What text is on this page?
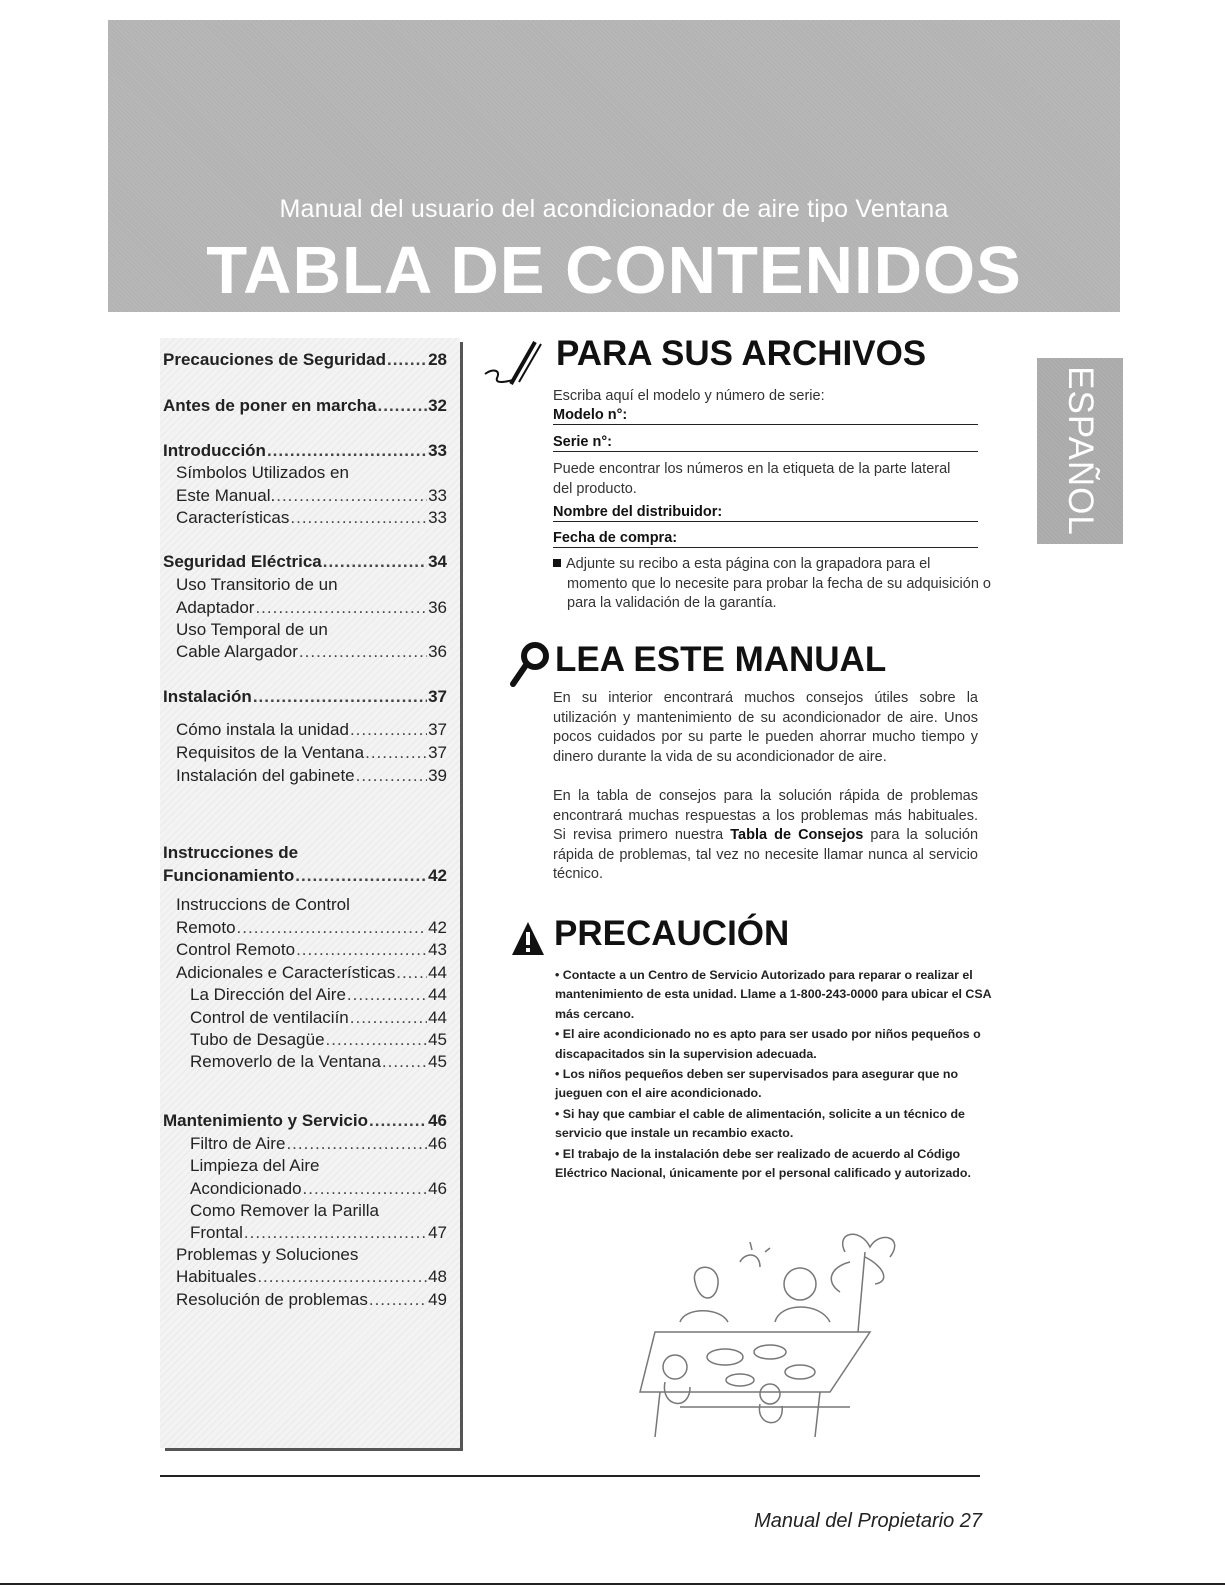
Manual del usuario del acondicionador de aire tipo Ventana
TABLA DE CONTENIDOS
Precauciones de Seguridad ..... 28
Antes de poner en marcha .....	32
Introducción .....	33
Símbolos Utilizados en
Este Manual. .....	33
Características .....	33
Seguridad Eléctrica .....	34
Uso Transitorio de un
Adaptador .....	36
Uso Temporal de un
Cable Alargador .....	36
Instalación .....	37
Cómo instala la unidad .....	37
Requisitos de la Ventana .....	37
Instalación del gabinete .....	39
Instrucciones de
Funcionamiento .....	42
Instruccions de Control
Remoto .....	42
Control Remoto .....	43
Adicionales e Características ..... 44
La Dirección del Aire .....	44
Control de ventilaciín .....	44
Tubo de Desagüe .....	45
Removerlo de la Ventana .....	45
Mantenimiento y Servicio .....	46
Filtro de Aire .....	46
Limpieza del Aire
Acondicionado .....	46
Como Remover la Parilla
Frontal .....	47
Problemas y Soluciones
Habituales .....	48
Resolución de problemas .....	49
PARA SUS ARCHIVOS
Escriba aquí el modelo y número de serie:
Modelo n°:
Serie n°:
Puede encontrar los números en la etiqueta de la parte lateral del producto.
Nombre del distribuidor:
Fecha de compra:
Adjunte su recibo a esta página con la grapadora para el momento que lo necesite para probar la fecha de su adquisición o para la validación de la garantía.
LEA ESTE MANUAL
En su interior encontrará muchos consejos útiles sobre la utilización y mantenimiento de su acondicionador de aire. Unos pocos cuidados por su parte le pueden ahorrar mucho tiempo y dinero durante la vida de su acondicionador de aire.
En la tabla de consejos para la solución rápida de problemas encontrará muchas respuestas a los problemas más habituales. Si revisa primero nuestra Tabla de Consejos para la solución rápida de problemas, tal vez no necesite llamar nunca al servicio técnico.
PRECAUCIÓN
• Contacte a un Centro de Servicio Autorizado para reparar o realizar el mantenimiento de esta unidad. Llame a 1-800-243-0000 para ubicar el CSA más cercano.
• El aire acondicionado no es apto para ser usado por niños pequeños o discapacitados sin la supervision adecuada.
• Los niños pequeños deben ser supervisados para asegurar que no jueguen con el aire acondicionado.
• Si hay que cambiar el cable de alimentación, solicite a un técnico de servicio que instale un recambio exacto.
• El trabajo de la instalación debe ser realizado de acuerdo al Código Eléctrico Nacional, únicamente por el personal calificado y autorizado.
ESPAÑOL
Manual del Propietario 27
